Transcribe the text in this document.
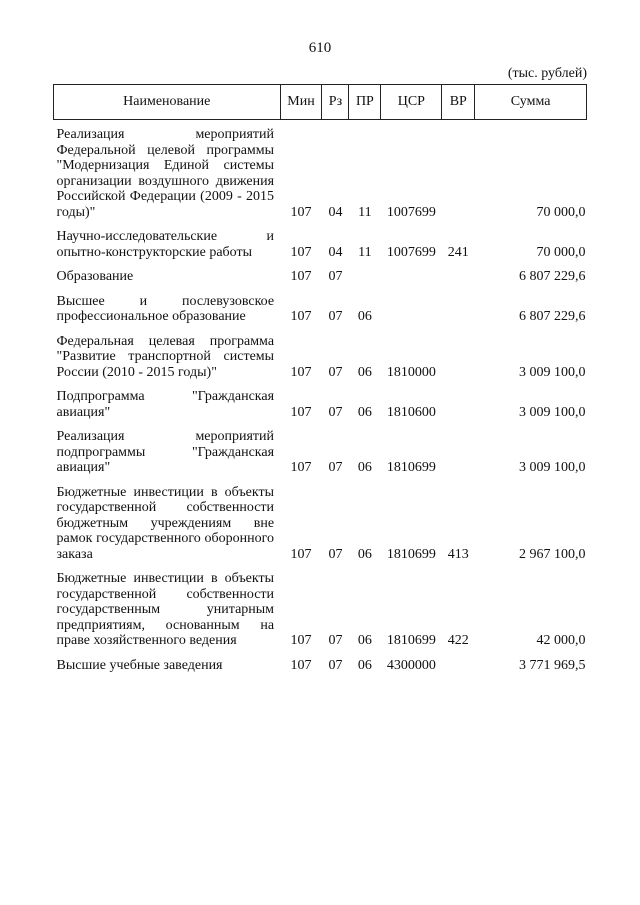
610
(тыс. рублей)
Наименование	Мин	Рз	ПР	ЦСР	ВР	Сумма
Реализация мероприятий Федеральной целевой программы "Модернизация Единой системы организации воздушного движения Российской Федерации (2009 - 2015 годы)"	107	04	11	1007699		70 000,0
Научно-исследовательские и опытно-конструкторские работы	107	04	11	1007699	241	70 000,0
Образование	107	07				6 807 229,6
Высшее и послевузовское профессиональное образование	107	07	06			6 807 229,6
Федеральная целевая программа "Развитие транспортной системы России (2010 - 2015 годы)"	107	07	06	1810000		3 009 100,0
Подпрограмма "Гражданская авиация"	107	07	06	1810600		3 009 100,0
Реализация мероприятий подпрограммы "Гражданская авиация"	107	07	06	1810699		3 009 100,0
Бюджетные инвестиции в объекты государственной собственности бюджетным учреждениям вне рамок государственного оборонного заказа	107	07	06	1810699	413	2 967 100,0
Бюджетные инвестиции в объекты государственной собственности государственным унитарным предприятиям, основанным на праве хозяйственного ведения	107	07	06	1810699	422	42 000,0
Высшие учебные заведения	107	07	06	4300000		3 771 969,5
